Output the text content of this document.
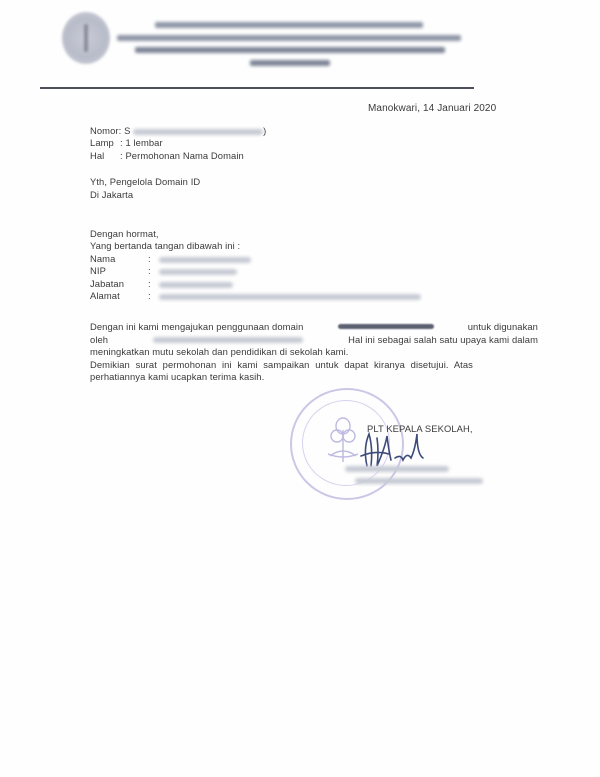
Manokwari, 14 Januari 2020
Nomor: S	)
Lamp : 1 lembar
Hal : Permohonan Nama Domain
Yth, Pengelola Domain ID
Di Jakarta
Dengan hormat,
Yang bertanda tangan dibawah ini :
Nama	:
NIP	:
Jabatan	:
Alamat	:
Dengan ini kami mengajukan penggunaan domain	untuk digunakan
oleh	Hal ini sebagai salah satu upaya kami dalam
meningkatkan mutu sekolah dan pendidikan di sekolah kami.
Demikian surat permohonan ini kami sampaikan untuk dapat kiranya disetujui. Atas
perhatiannya kami ucapkan terima kasih.
PLT KEPALA SEKOLAH,
